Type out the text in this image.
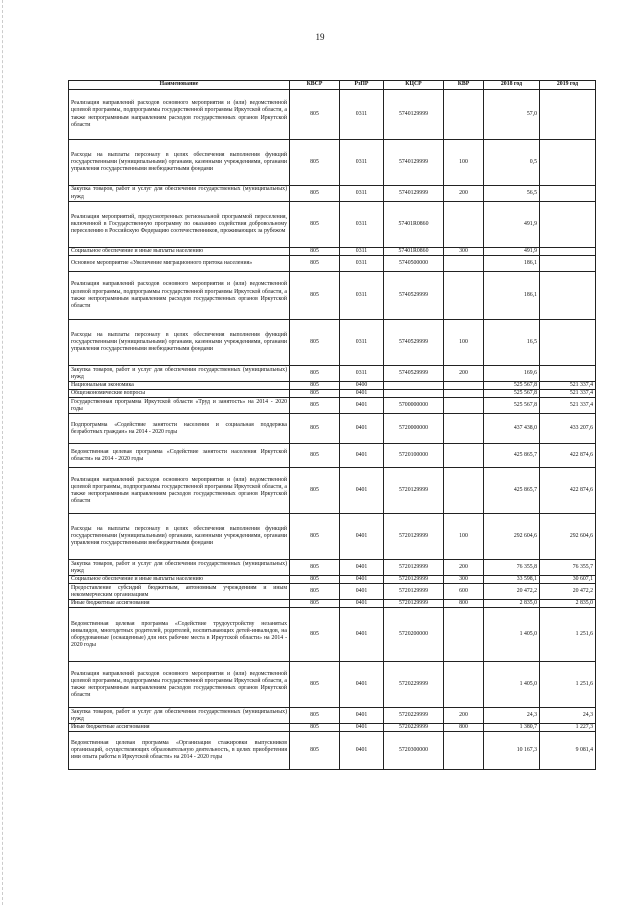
19
Наименование	КВСР	РзПР	КЦСР	КВР	2018 год	2019 год
Реализация направлений расходов основного мероприятия и (или) ведомственной целевой программы, подпрограммы государственной программы Иркутской области, а также непрограммным направлениям расходов государственных органов Иркутской области	805	0311	5740129999		57,0	
Расходы на выплаты персоналу в целях обеспечения выполнения функций государственными (муниципальными) органами, казенными учреждениями, органами управления государственными внебюджетными фондами	805	0311	5740129999	100	0,5	
Закупка товаров, работ и услуг для обеспечения государственных (муниципальных) нужд	805	0311	5740129999	200	56,5	
Реализация мероприятий, предусмотренных региональной программой переселения, включенной в Государственную программу по оказанию содействия добровольному переселению в Российскую Федерацию соотечественников, проживающих за рубежом	805	0311	57401R0860		491,9	
Социальное обеспечение и иные выплаты населению	805	0311	57401R0860	300	491,9	
Основное мероприятие «Увеличение миграционного притока населения»	805	0311	5740500000		186,1	
Реализация направлений расходов основного мероприятия и (или) ведомственной целевой программы, подпрограммы государственной программы Иркутской области, а также непрограммным направлениям расходов государственных органов Иркутской области	805	0311	5740529999		186,1	
Расходы на выплаты персоналу в целях обеспечения выполнения функций государственными (муниципальными) органами, казенными учреждениями, органами управления государственными внебюджетными фондами	805	0311	5740529999	100	16,5	
Закупка товаров, работ и услуг для обеспечения государственных (муниципальных) нужд	805	0311	5740529999	200	169,6	
Национальная экономика	805	0400			525 567,8	521 337,4
Общеэкономические вопросы	805	0401			525 567,8	521 337,4
Государственная программа Иркутской области «Труд и занятость» на 2014 - 2020 годы	805	0401	5700000000		525 567,8	521 337,4
Подпрограмма «Содействие занятости населения и социальная поддержка безработных граждан» на 2014 - 2020 годы	805	0401	5720000000		437 438,0	433 207,6
Ведомственная целевая программа «Содействие занятости населения Иркутской области» на 2014 - 2020 годы	805	0401	5720100000		425 865,7	422 874,6
Реализация направлений расходов основного мероприятия и (или) ведомственной целевой программы, подпрограммы государственной программы Иркутской области, а также непрограммным направлениям расходов государственных органов Иркутской области	805	0401	5720129999		425 865,7	422 874,6
Расходы на выплаты персоналу в целях обеспечения выполнения функций государственными (муниципальными) органами, казенными учреждениями, органами управления государственными внебюджетными фондами	805	0401	5720129999	100	292 604,6	292 604,6
Закупка товаров, работ и услуг для обеспечения государственных (муниципальных) нужд	805	0401	5720129999	200	76 355,8	76 355,7
Социальное обеспечение и иные выплаты населению	805	0401	5720129999	300	33 598,1	30 607,1
Предоставление субсидий бюджетным, автономным учреждениям и иным некоммерческим организациям	805	0401	5720129999	600	20 472,2	20 472,2
Иные бюджетные ассигнования	805	0401	5720129999	800	2 835,0	2 835,0
Ведомственная целевая программа «Содействие трудоустройству незанятых инвалидов, многодетных родителей, родителей, воспитывающих детей-инвалидов, на оборудованные (оснащенные) для них рабочие места в Иркутской области» на 2014 - 2020 годы	805	0401	5720200000		1 405,0	1 251,6
Реализация направлений расходов основного мероприятия и (или) ведомственной целевой программы, подпрограммы государственной программы Иркутской области, а также непрограммным направлениям расходов государственных органов Иркутской области	805	0401	5720229999		1 405,0	1 251,6
Закупка товаров, работ и услуг для обеспечения государственных (муниципальных) нужд	805	0401	5720229999	200	24,3	24,3
Иные бюджетные ассигнования	805	0401	5720229999	800	1 380,7	1 227,3
Ведомственная целевая программа «Организация стажировки выпускников организаций, осуществляющих образовательную деятельность, в целях приобретения ими опыта работы в Иркутской области» на 2014 - 2020 годы	805	0401	5720300000		10 167,3	9 081,4
